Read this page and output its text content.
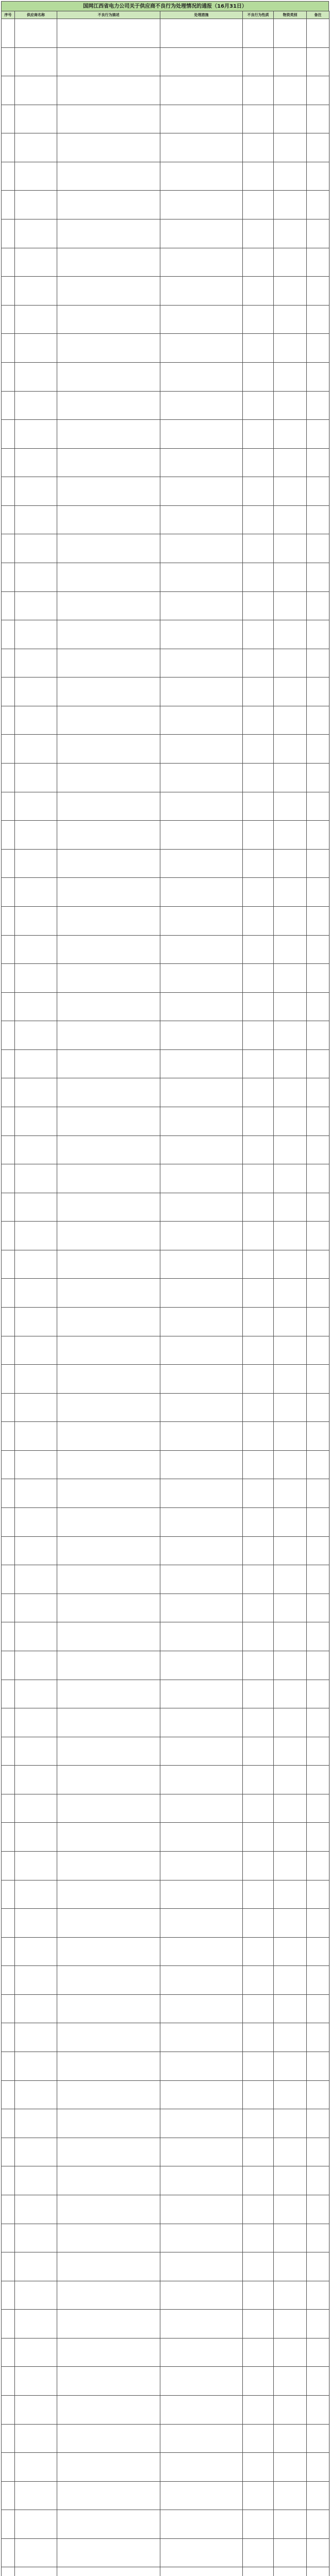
国网江西省电力公司关于供应商不良行为处理情况的通报（16月31日）
序号	供应商名称	不良行为描述	处理措施	不良行为性质	物资类别	备注
